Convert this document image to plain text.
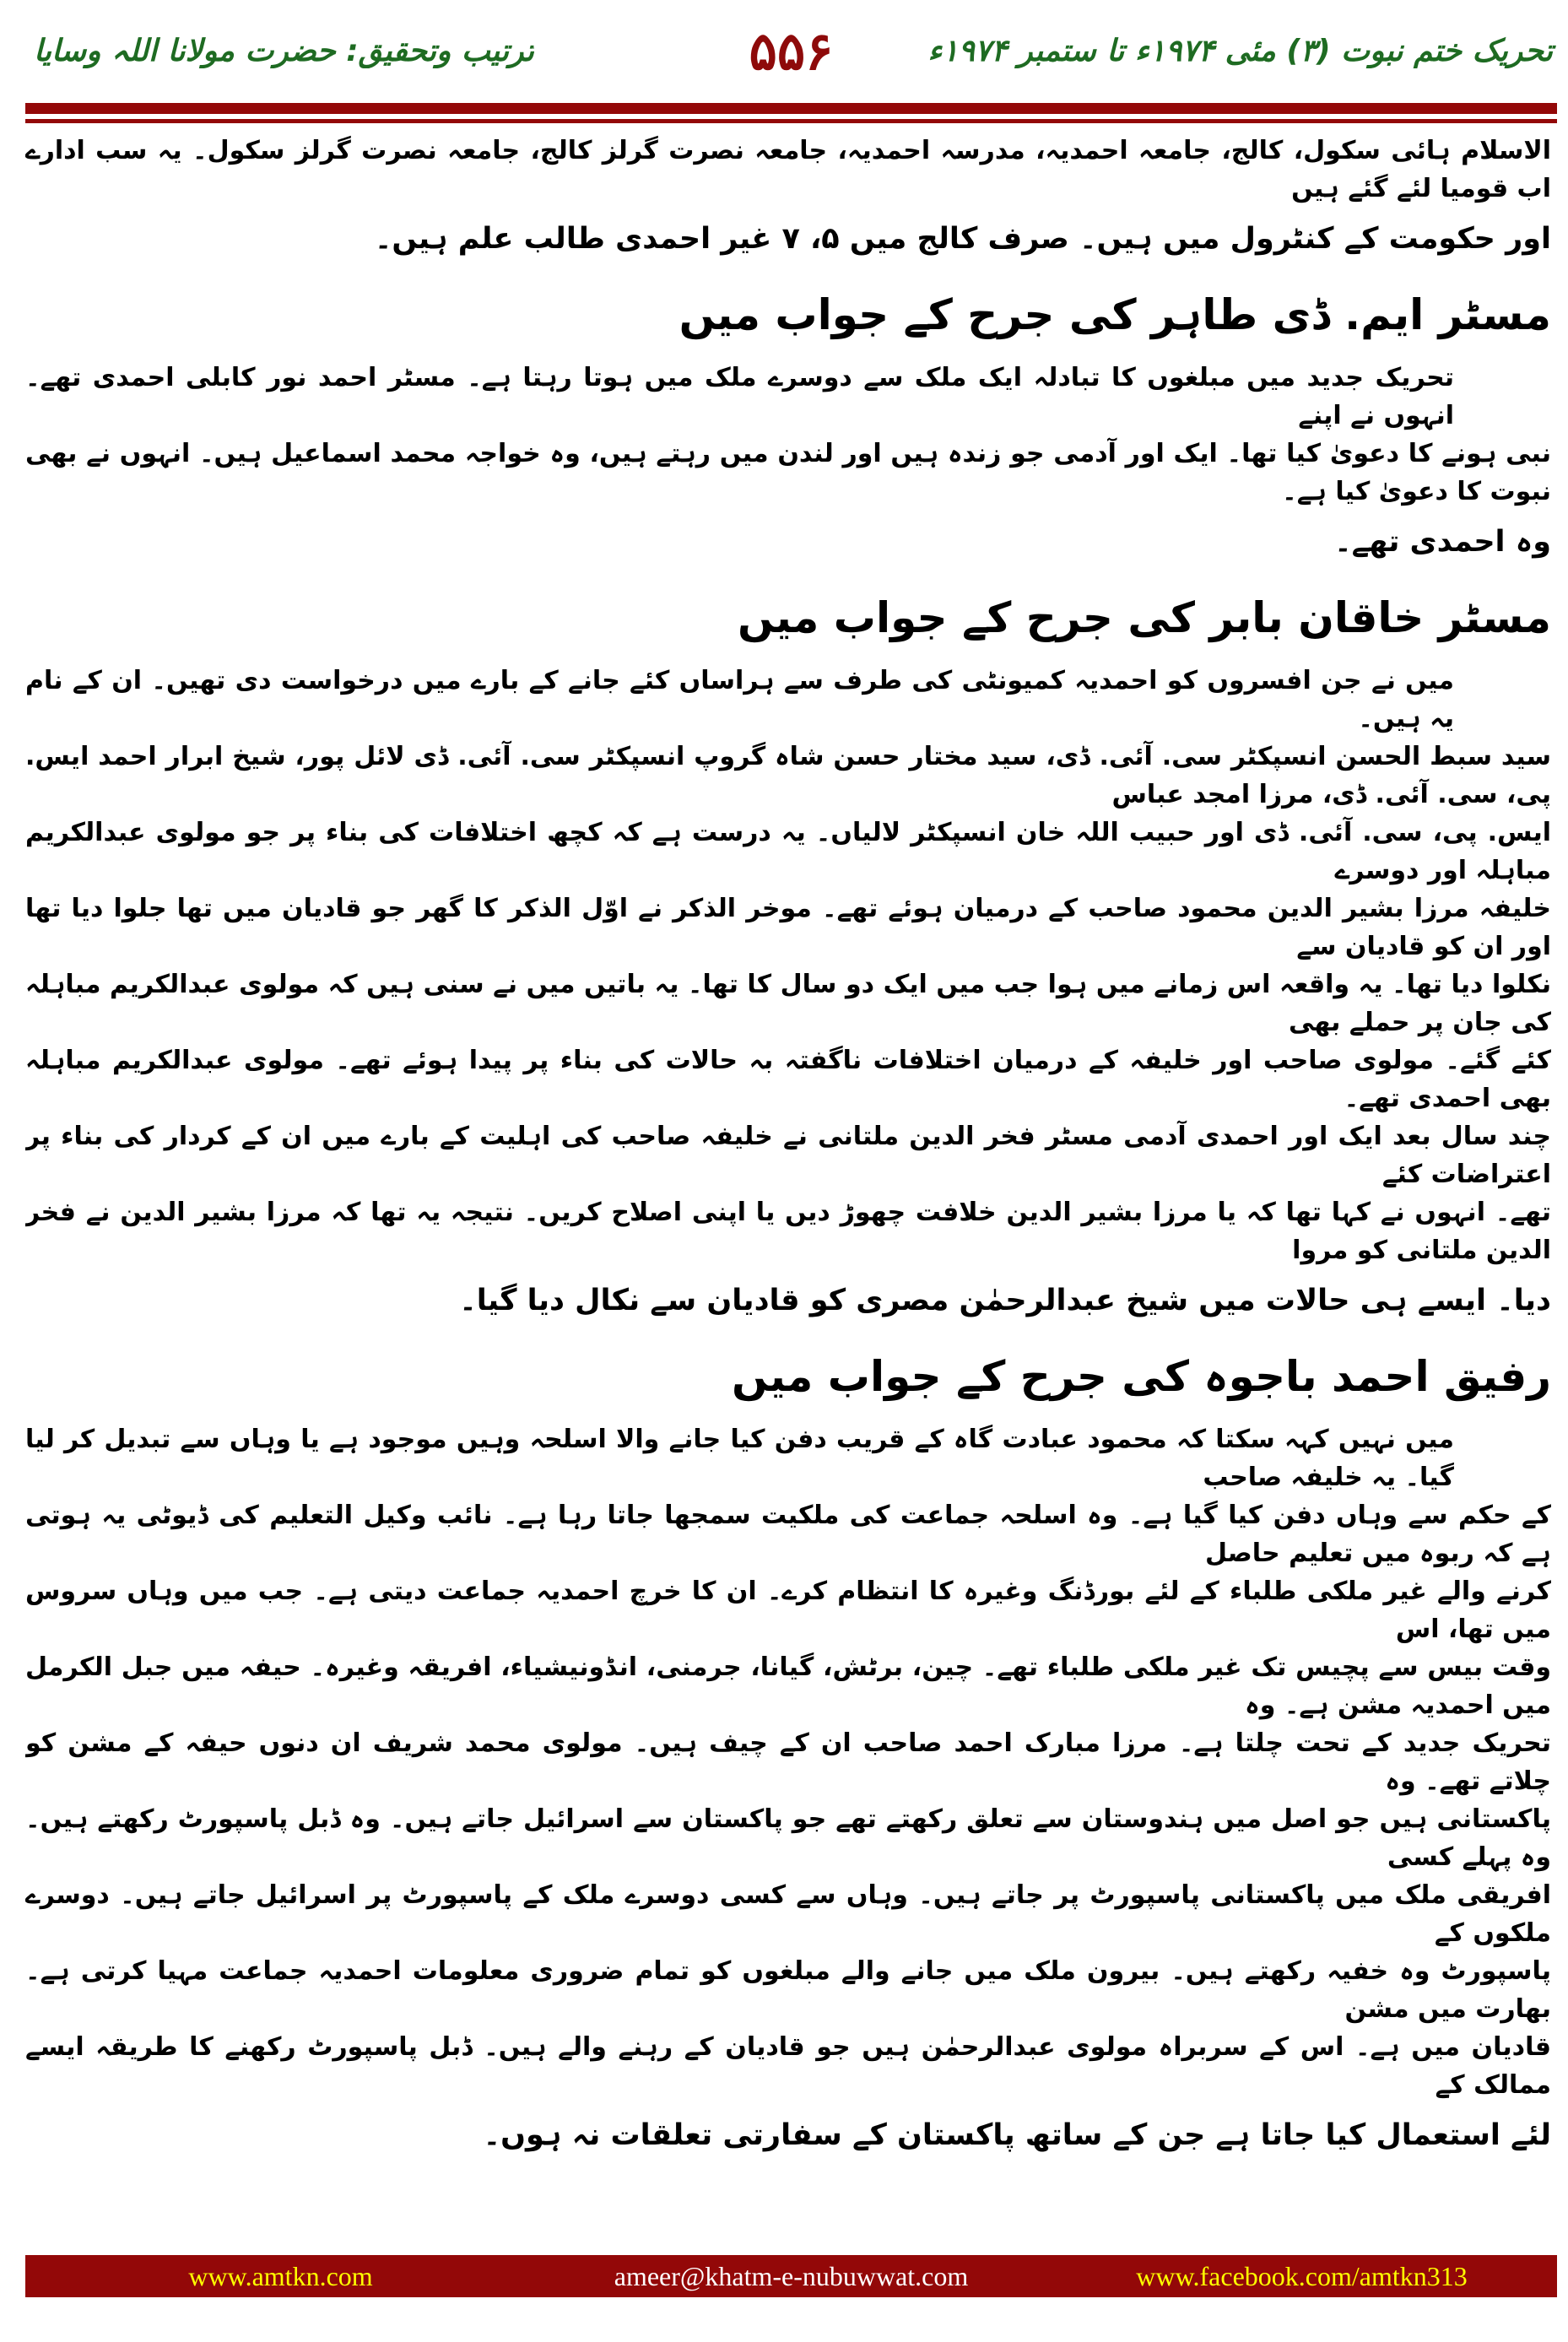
ترتیب وتحقیق: حضرت مولانا اللہ وسایا	۵۵۶	تحریک ختم نبوت (۳) مئی ۱۹۷۴ء تا ستمبر ۱۹۷۴ء
الاسلام ہائی سکول، کالج، جامعہ احمدیہ، مدرسہ احمدیہ، جامعہ نصرت گرلز کالج، جامعہ نصرت گرلز سکول۔ یہ سب ادارے اب قومیا لئے گئے ہیں
اور حکومت کے کنٹرول میں ہیں۔ صرف کالج میں ۵، ۷ غیر احمدی طالب علم ہیں۔
مسٹر ایم. ڈی طاہر کی جرح کے جواب میں
تحریک جدید میں مبلغوں کا تبادلہ ایک ملک سے دوسرے ملک میں ہوتا رہتا ہے۔ مسٹر احمد نور کابلی احمدی تھے۔ انہوں نے اپنے
نبی ہونے کا دعویٰ کیا تھا۔ ایک اور آدمی جو زندہ ہیں اور لندن میں رہتے ہیں، وہ خواجہ محمد اسماعیل ہیں۔ انہوں نے بھی نبوت کا دعویٰ کیا ہے۔
وہ احمدی تھے۔
مسٹر خاقان بابر کی جرح کے جواب میں
میں نے جن افسروں کو احمدیہ کمیونٹی کی طرف سے ہراساں کئے جانے کے بارے میں درخواست دی تھیں۔ ان کے نام یہ ہیں۔
سید سبط الحسن انسپکٹر سی. آئی. ڈی، سید مختار حسن شاہ گروپ انسپکٹر سی. آئی. ڈی لائل پور، شیخ ابرار احمد ایس. پی، سی. آئی. ڈی، مرزا امجد عباس
ایس. پی، سی. آئی. ڈی اور حبیب اللہ خان انسپکٹر لالیاں۔ یہ درست ہے کہ کچھ اختلافات کی بناء پر جو مولوی عبدالکریم مباہلہ اور دوسرے
خلیفہ مرزا بشیر الدین محمود صاحب کے درمیان ہوئے تھے۔ موخر الذکر نے اوّل الذکر کا گھر جو قادیان میں تھا جلوا دیا تھا اور ان کو قادیان سے
نکلوا دیا تھا۔ یہ واقعہ اس زمانے میں ہوا جب میں ایک دو سال کا تھا۔ یہ باتیں میں نے سنی ہیں کہ مولوی عبدالکریم مباہلہ کی جان پر حملے بھی
کئے گئے۔ مولوی صاحب اور خلیفہ کے درمیان اختلافات ناگفتہ بہ حالات کی بناء پر پیدا ہوئے تھے۔ مولوی عبدالکریم مباہلہ بھی احمدی تھے۔
چند سال بعد ایک اور احمدی آدمی مسٹر فخر الدین ملتانی نے خلیفہ صاحب کی اہلیت کے بارے میں ان کے کردار کی بناء پر اعتراضات کئے
تھے۔ انہوں نے کہا تھا کہ یا مرزا بشیر الدین خلافت چھوڑ دیں یا اپنی اصلاح کریں۔ نتیجہ یہ تھا کہ مرزا بشیر الدین نے فخر الدین ملتانی کو مروا
دیا۔ ایسے ہی حالات میں شیخ عبدالرحمٰن مصری کو قادیان سے نکال دیا گیا۔
رفیق احمد باجوہ کی جرح کے جواب میں
میں نہیں کہہ سکتا کہ محمود عبادت گاہ کے قریب دفن کیا جانے والا اسلحہ وہیں موجود ہے یا وہاں سے تبدیل کر لیا گیا۔ یہ خلیفہ صاحب
کے حکم سے وہاں دفن کیا گیا ہے۔ وہ اسلحہ جماعت کی ملکیت سمجھا جاتا رہا ہے۔ نائب وکیل التعلیم کی ڈیوٹی یہ ہوتی ہے کہ ربوہ میں تعلیم حاصل
کرنے والے غیر ملکی طلباء کے لئے بورڈنگ وغیرہ کا انتظام کرے۔ ان کا خرچ احمدیہ جماعت دیتی ہے۔ جب میں وہاں سروس میں تھا، اس
وقت بیس سے پچیس تک غیر ملکی طلباء تھے۔ چین، برٹش، گیانا، جرمنی، انڈونیشیاء، افریقہ وغیرہ۔ حیفہ میں جبل الکرمل میں احمدیہ مشن ہے۔ وہ
تحریک جدید کے تحت چلتا ہے۔ مرزا مبارک احمد صاحب ان کے چیف ہیں۔ مولوی محمد شریف ان دنوں حیفہ کے مشن کو چلاتے تھے۔ وہ
پاکستانی ہیں جو اصل میں ہندوستان سے تعلق رکھتے تھے جو پاکستان سے اسرائیل جاتے ہیں۔ وہ ڈبل پاسپورٹ رکھتے ہیں۔ وہ پہلے کسی
افریقی ملک میں پاکستانی پاسپورٹ پر جاتے ہیں۔ وہاں سے کسی دوسرے ملک کے پاسپورٹ پر اسرائیل جاتے ہیں۔ دوسرے ملکوں کے
پاسپورٹ وہ خفیہ رکھتے ہیں۔ بیرون ملک میں جانے والے مبلغوں کو تمام ضروری معلومات احمدیہ جماعت مہیا کرتی ہے۔ بھارت میں مشن
قادیان میں ہے۔ اس کے سربراہ مولوی عبدالرحمٰن ہیں جو قادیان کے رہنے والے ہیں۔ ڈبل پاسپورٹ رکھنے کا طریقہ ایسے ممالک کے
لئے استعمال کیا جاتا ہے جن کے ساتھ پاکستان کے سفارتی تعلقات نہ ہوں۔
www.amtkn.com	ameer@khatm-e-nubuwwat.com	www.facebook.com/amtkn313
